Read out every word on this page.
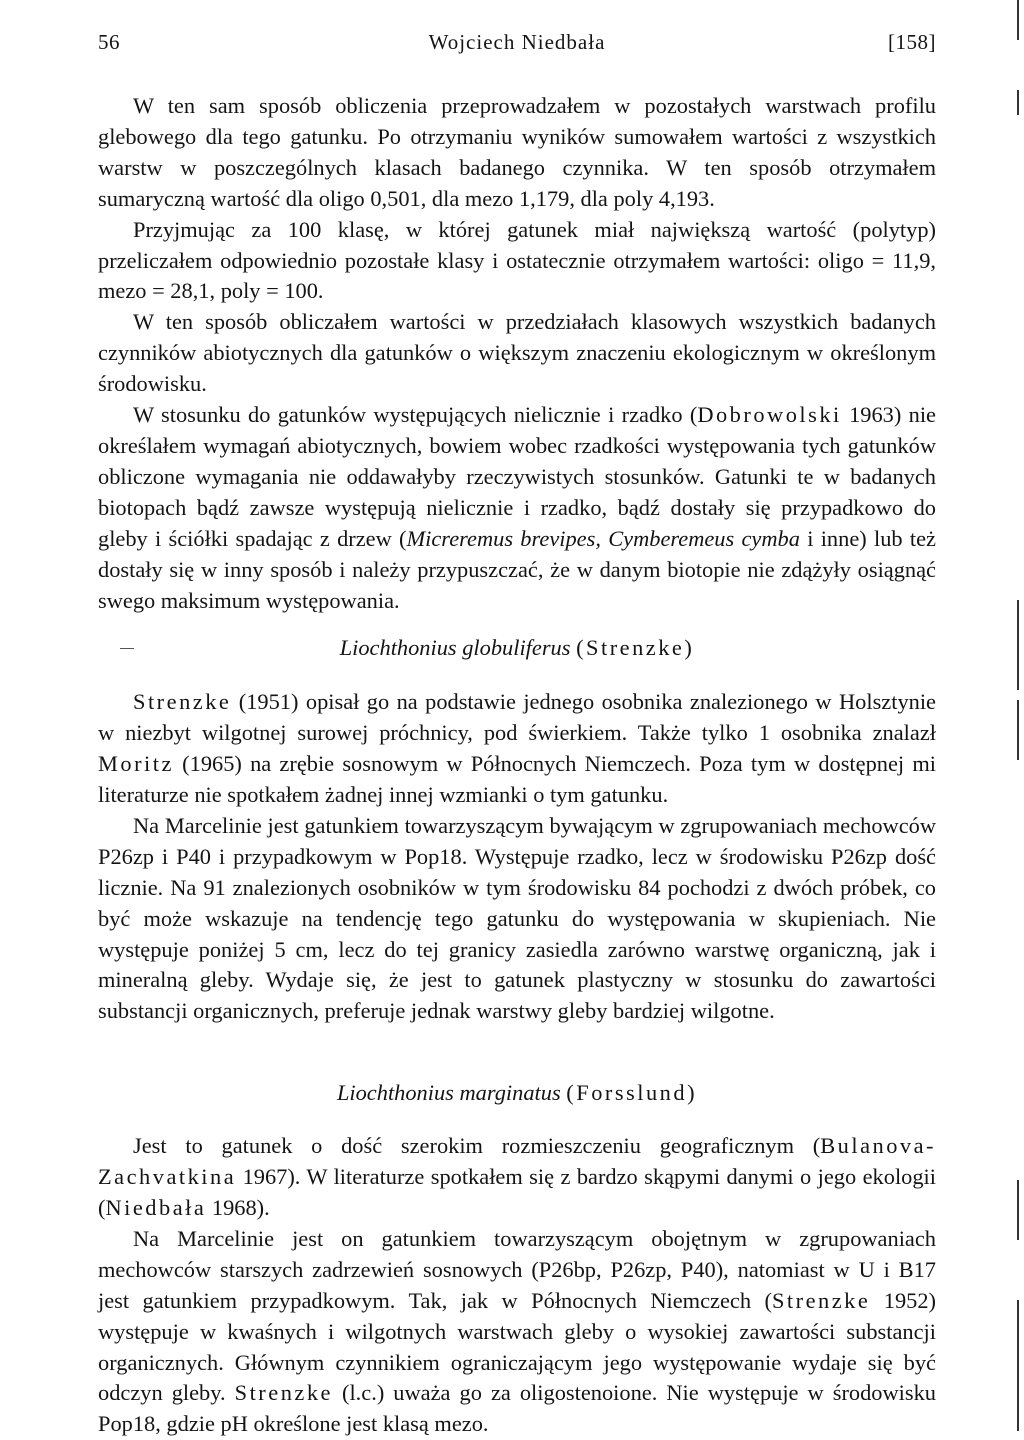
56	Wojciech Niedbała	[158]

W ten sam sposób obliczenia przeprowadzałem w pozostałych warstwach profilu glebowego dla tego gatunku. Po otrzymaniu wyników sumowałem wartości z wszystkich warstw w poszczególnych klasach badanego czynnika. W ten sposób otrzymałem sumaryczną wartość dla oligo 0,501, dla mezo 1,179, dla poly 4,193.

Przyjmując za 100 klasę, w której gatunek miał największą wartość (polytyp) przeliczałem odpowiednio pozostałe klasy i ostatecznie otrzymałem wartości: oligo = 11,9, mezo = 28,1, poly = 100.

W ten sposób obliczałem wartości w przedziałach klasowych wszystkich badanych czynników abiotycznych dla gatunków o większym znaczeniu ekologicznym w określonym środowisku.

W stosunku do gatunków występujących nielicznie i rzadko (Dobrowolski 1963) nie określałem wymagań abiotycznych, bowiem wobec rzadkości występowania tych gatunków obliczone wymagania nie oddawałyby rzeczywistych stosunków. Gatunki te w badanych biotopach bądź zawsze występują nielicznie i rzadko, bądź dostały się przypadkowo do gleby i ściółki spadając z drzew (Micreremus brevipes, Cymberemeus cymba i inne) lub też dostały się w inny sposób i należy przypuszczać, że w danym biotopie nie zdążyły osiągnąć swego maksimum występowania.

Liochthonius globuliferus (Strenzke)

Strenzke (1951) opisał go na podstawie jednego osobnika znalezionego w Holsztynie w niezbyt wilgotnej surowej próchnicy, pod świerkiem. Także tylko 1 osobnika znalazł Moritz (1965) na zrębie sosnowym w Północnych Niemczech. Poza tym w dostępnej mi literaturze nie spotkałem żadnej innej wzmianki o tym gatunku.

Na Marcelinie jest gatunkiem towarzyszącym bywającym w zgrupowaniach mechowców P26zp i P40 i przypadkowym w Pop18. Występuje rzadko, lecz w środowisku P26zp dość licznie. Na 91 znalezionych osobników w tym środowisku 84 pochodzi z dwóch próbek, co być może wskazuje na tendencję tego gatunku do występowania w skupieniach. Nie występuje poniżej 5 cm, lecz do tej granicy zasiedla zarówno warstwę organiczną, jak i mineralną gleby. Wydaje się, że jest to gatunek plastyczny w stosunku do zawartości substancji organicznych, preferuje jednak warstwy gleby bardziej wilgotne.

Liochthonius marginatus (Forsslund)

Jest to gatunek o dość szerokim rozmieszczeniu geograficznym (Bulanova-Zachvatkina 1967). W literaturze spotkałem się z bardzo skąpymi danymi o jego ekologii (Niedbała 1968).

Na Marcelinie jest on gatunkiem towarzyszącym obojętnym w zgrupowaniach mechowców starszych zadrzewień sosnowych (P26bp, P26zp, P40), natomiast w U i B17 jest gatunkiem przypadkowym. Tak, jak w Północnych Niemczech (Strenzke 1952) występuje w kwaśnych i wilgotnych warstwach gleby o wysokiej zawartości substancji organicznych. Głównym czynnikiem ograniczającym jego występowanie wydaje się być odczyn gleby. Strenzke (l.c.) uważa go za oligostenoione. Nie występuje w środowisku Pop18, gdzie pH określone jest klasą mezo.
